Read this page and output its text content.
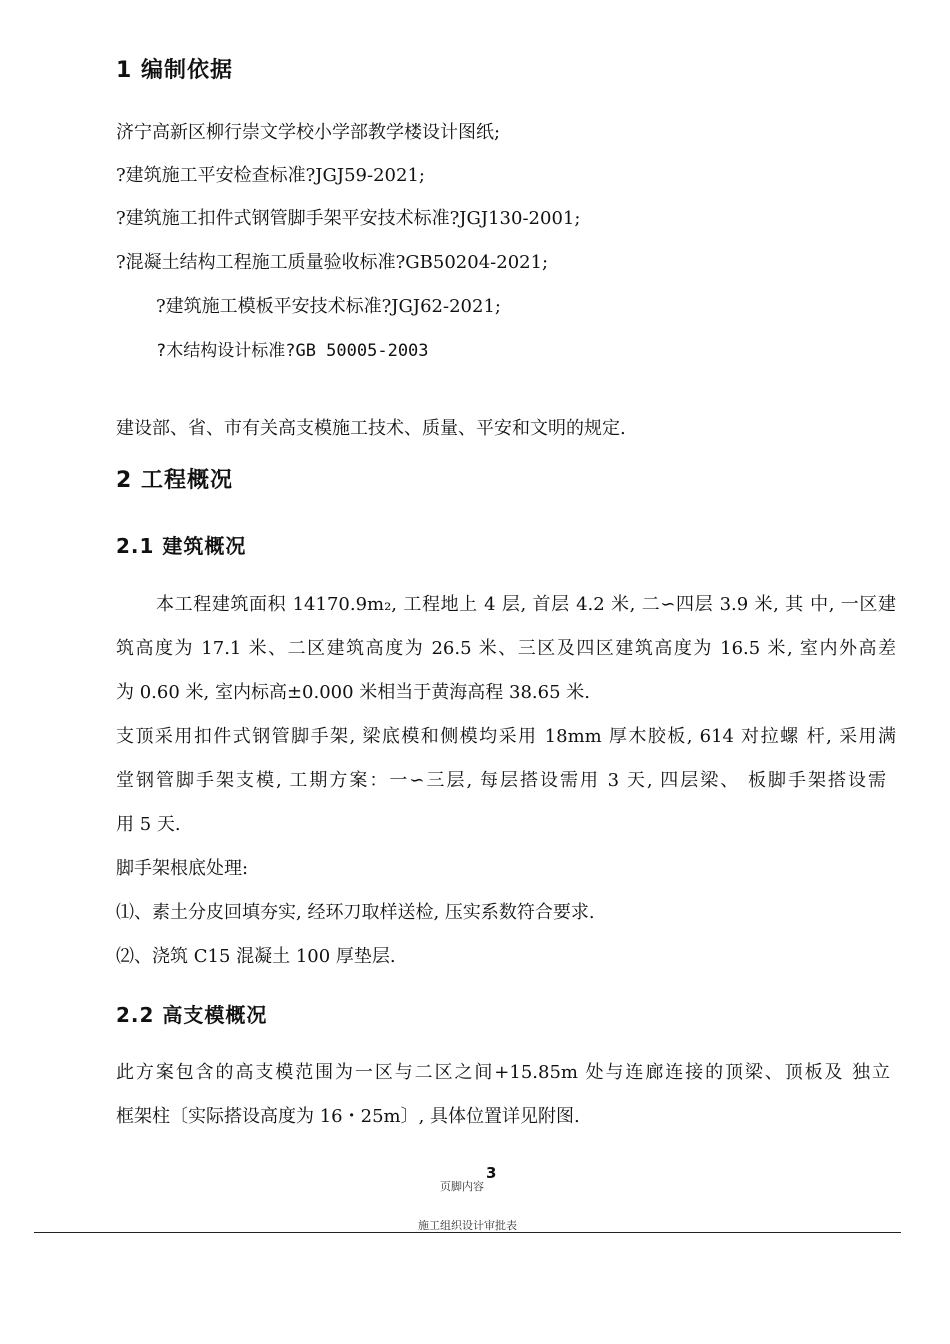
1 编制依据
济宁高新区柳行崇文学校小学部教学楼设计图纸;
?建筑施工平安检查标准?JGJ59-2021;
?建筑施工扣件式钢管脚手架平安技术标准?JGJ130-2001;
?混凝土结构工程施工质量验收标准?GB50204-2021;
?建筑施工模板平安技术标准?JGJ62-2021;
?木结构设计标准?GB 50005-2003
建设部、省、市有关高支模施工技术、质量、平安和文明的规定.
2 工程概况
2.1 建筑概况
本工程建筑面积 14170.9m₂, 工程地上 4 层, 首层 4.2 米, 二∽四层 3.9 米, 其 中, 一区建
筑高度为 17.1 米、二区建筑高度为 26.5 米、三区及四区建筑高度为 16.5 米, 室内外高差
为 0.60 米, 室内标高±0.000 米相当于黄海高程 38.65 米.
支顶采用扣件式钢管脚手架, 梁底模和侧模均采用 18mm 厚木胶板, 614 对拉螺 杆, 采用满
堂钢管脚手架支模, 工期方案：一∽三层, 每层搭设需用 3 天, 四层梁、 板脚手架搭设需
用 5 天.
脚手架根底处理:
⑴、素土分皮回填夯实, 经环刀取样送检, 压实系数符合要求.
⑵、浇筑 C15 混凝土 100 厚垫层.
2.2 高支模概况
此方案包含的高支模范围为一区与二区之间+15.85m 处与连廊连接的顶梁、顶板及 独立
框架柱〔实际搭设高度为 16・25m〕, 具体位置详见附图.
3
页脚内容
施工组织设计审批表
